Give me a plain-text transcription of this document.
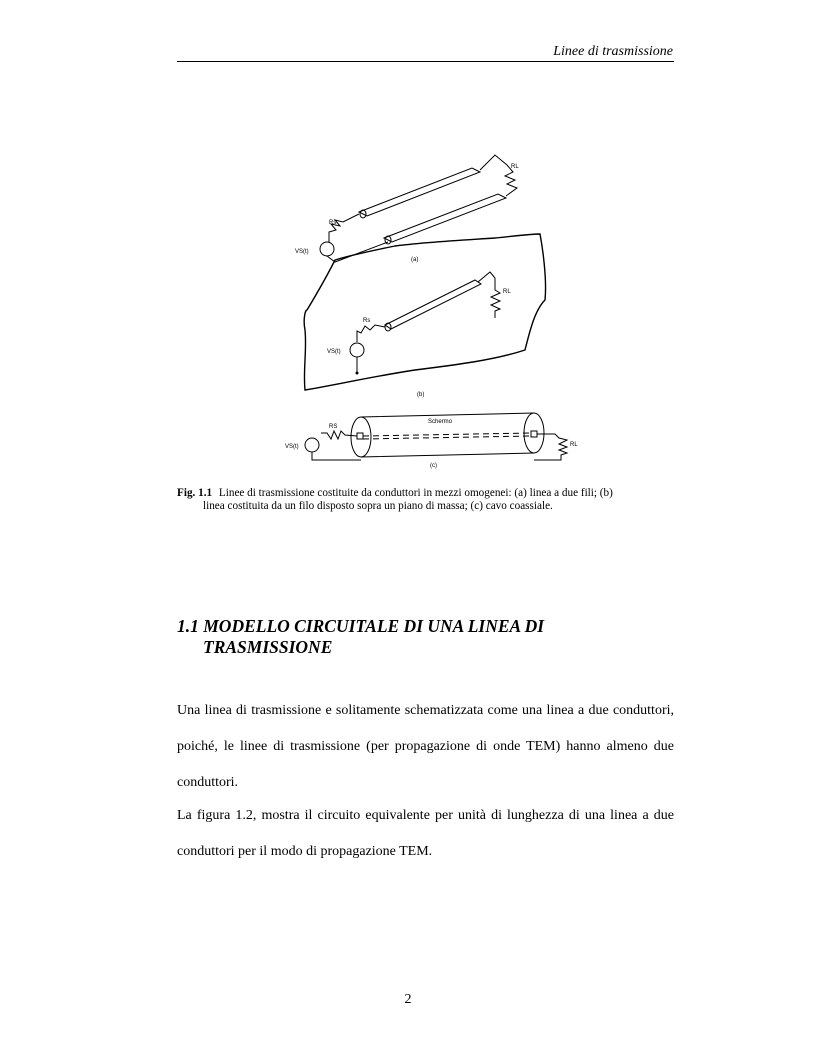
Linee di trasmissione
Rs
RL
VS(t)
(a)
Rs
RL
VS(t)
(b)
RS
RL
VS(t)
Schermo
(c)
Fig. 1.1 Linee di trasmissione costituite da conduttori in mezzi omogenei: (a) linea a due fili; (b)
linea costituita da un filo disposto sopra un piano di massa; (c) cavo coassiale.
1.1 MODELLO CIRCUITALE DI UNA LINEA DI
TRASMISSIONE

Una linea di trasmissione e solitamente schematizzata come una linea a due conduttori, poiché, le linee di trasmissione (per propagazione di onde TEM) hanno almeno due conduttori.

La figura 1.2, mostra il circuito equivalente per unità di lunghezza di una linea a due conduttori per il modo di propagazione TEM.

2
